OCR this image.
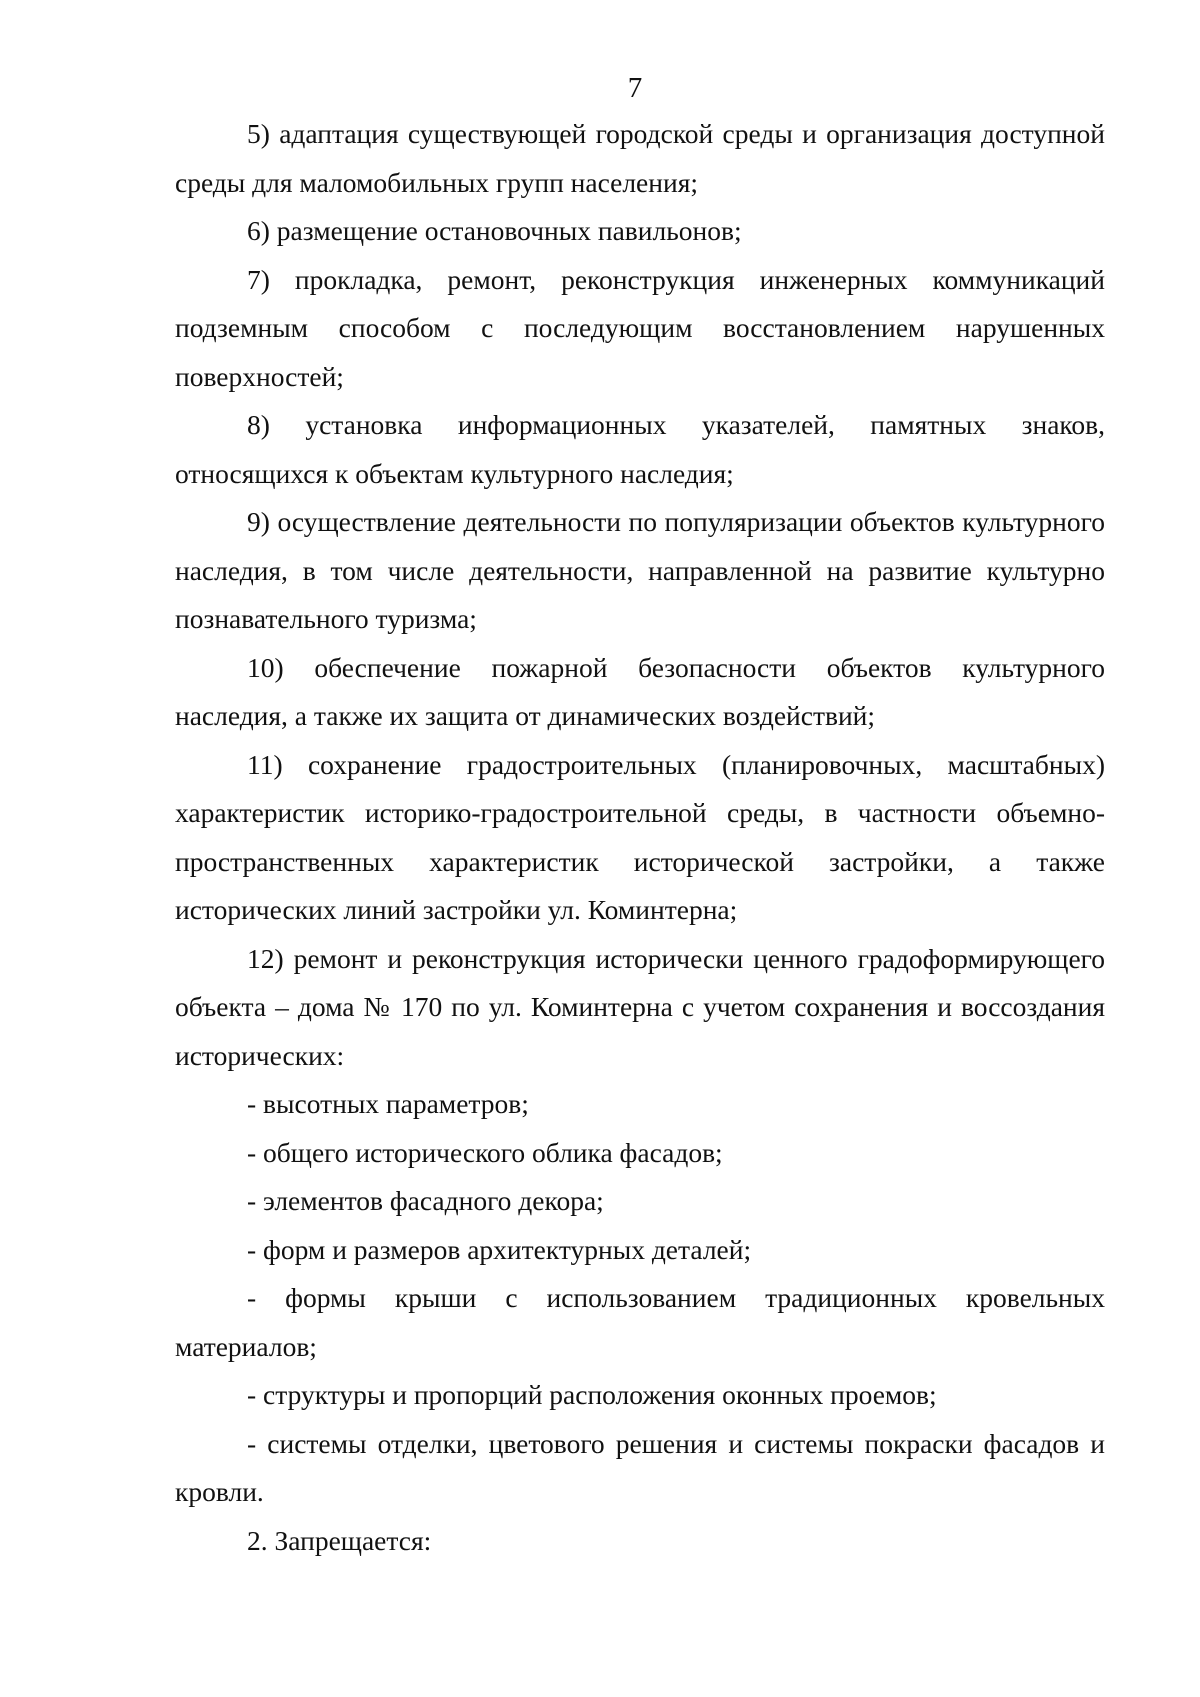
7

5) адаптация существующей городской среды и организация доступной среды для маломобильных групп населения;

6) размещение остановочных павильонов;

7) прокладка, ремонт, реконструкция инженерных коммуникаций подземным способом с последующим восстановлением нарушенных поверхностей;

8) установка информационных указателей, памятных знаков, относящихся к объектам культурного наследия;

9) осуществление деятельности по популяризации объектов культурного наследия, в том числе деятельности, направленной на развитие культурно познавательного туризма;

10) обеспечение пожарной безопасности объектов культурного наследия, а также их защита от динамических воздействий;

11) сохранение градостроительных (планировочных, масштабных) характеристик историко-градостроительной среды, в частности объемно-пространственных характеристик исторической застройки, а также исторических линий застройки ул. Коминтерна;

12) ремонт и реконструкция исторически ценного градоформирующего объекта – дома № 170 по ул. Коминтерна с учетом сохранения и воссоздания исторических:

- высотных параметров;

- общего исторического облика фасадов;

- элементов фасадного декора;

- форм и размеров архитектурных деталей;

- формы крыши с использованием традиционных кровельных материалов;

- структуры и пропорций расположения оконных проемов;

- системы отделки, цветового решения и системы покраски фасадов и кровли.

2. Запрещается:
